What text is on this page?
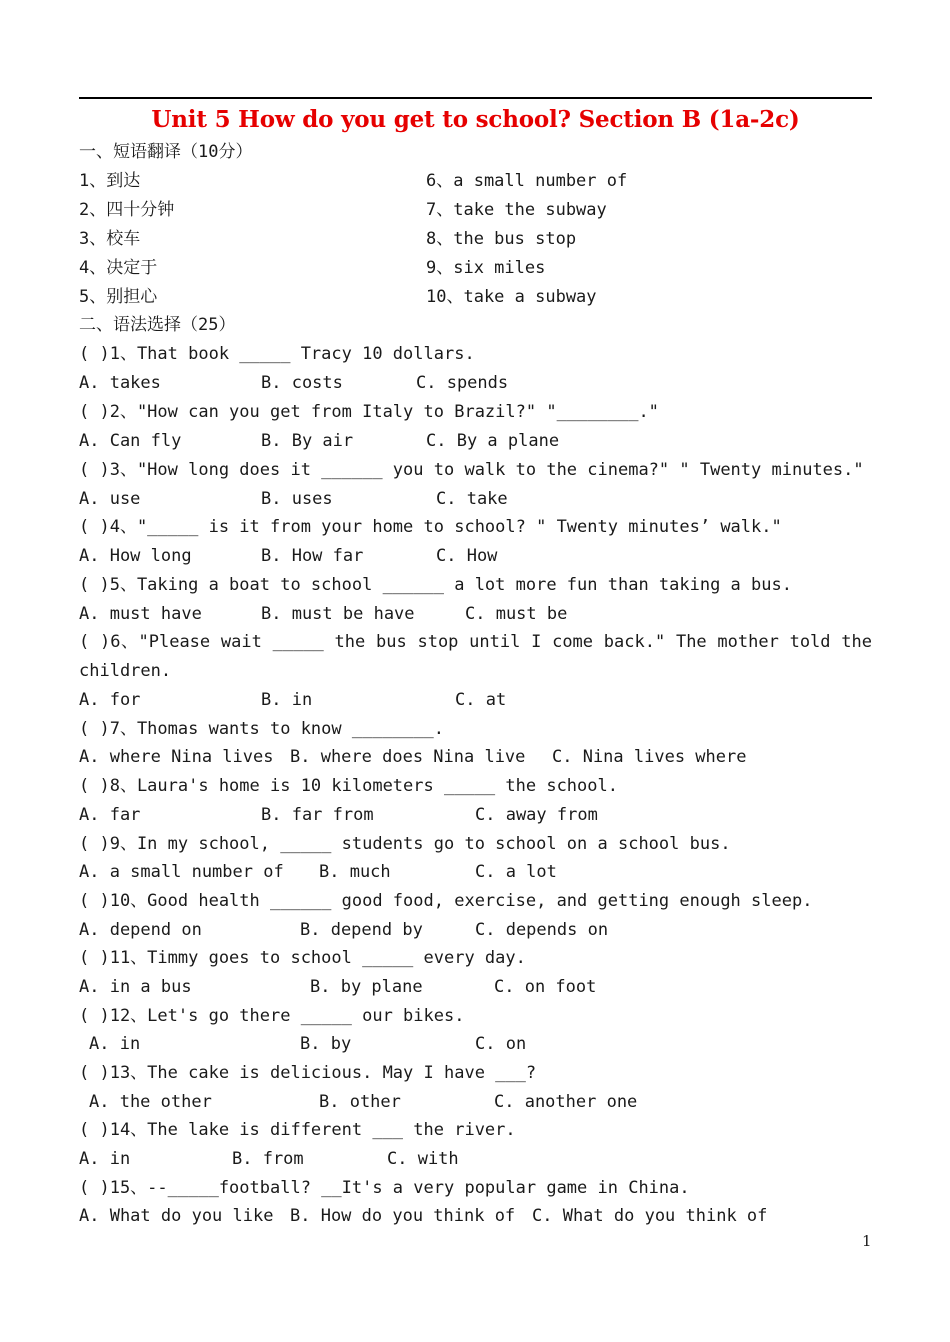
Unit 5 How do you get to school? Section B (1a-2c)
一、短语翻译（10分）
1、到达	6、a small number of
2、四十分钟	7、take the subway
3、校车	8、the bus stop
4、决定于	9、six miles
5、别担心	10、take a subway
二、语法选择（25）
( )1、That book _____ Tracy 10 dollars.
A. takes	B. costs	C. spends
( )2、"How can you get from Italy to Brazil?" "________."
A. Can fly	B. By air	C. By a plane
( )3、"How long does it ______ you to walk to the cinema?" " Twenty minutes."
A. use	B. uses	C. take
( )4、"_____ is it from your home to school? " Twenty minutes’ walk."
A. How long	B. How far	C. How
( )5、Taking a boat to school ______ a lot more fun than taking a bus.
A. must have	B. must be have	C. must be
( )6、"Please wait _____ the bus stop until I come back." The mother told the
children.
A. for	B. in	C. at
( )7、Thomas wants to know ________.
A. where Nina lives B. where does Nina live C. Nina lives where
( )8、Laura's home is 10 kilometers _____ the school.
A. far	B. far from	C. away from
( )9、In my school, _____ students go to school on a school bus.
A. a small number of B. much	C. a lot
( )10、Good health ______ good food, exercise, and getting enough sleep.
A. depend on	B. depend by	C. depends on
( )11、Timmy goes to school _____ every day.
A. in a bus	B. by plane	C. on foot
( )12、Let's go there _____ our bikes.
A. in	B. by	C. on
( )13、The cake is delicious. May I have ___?
A. the other	B. other	C. another one
( )14、The lake is different ___ the river.
A. in	B. from	C. with
( )15、--_____football? __It's a very popular game in China.
A. What do you like B. How do you think of C. What do you think of
1
